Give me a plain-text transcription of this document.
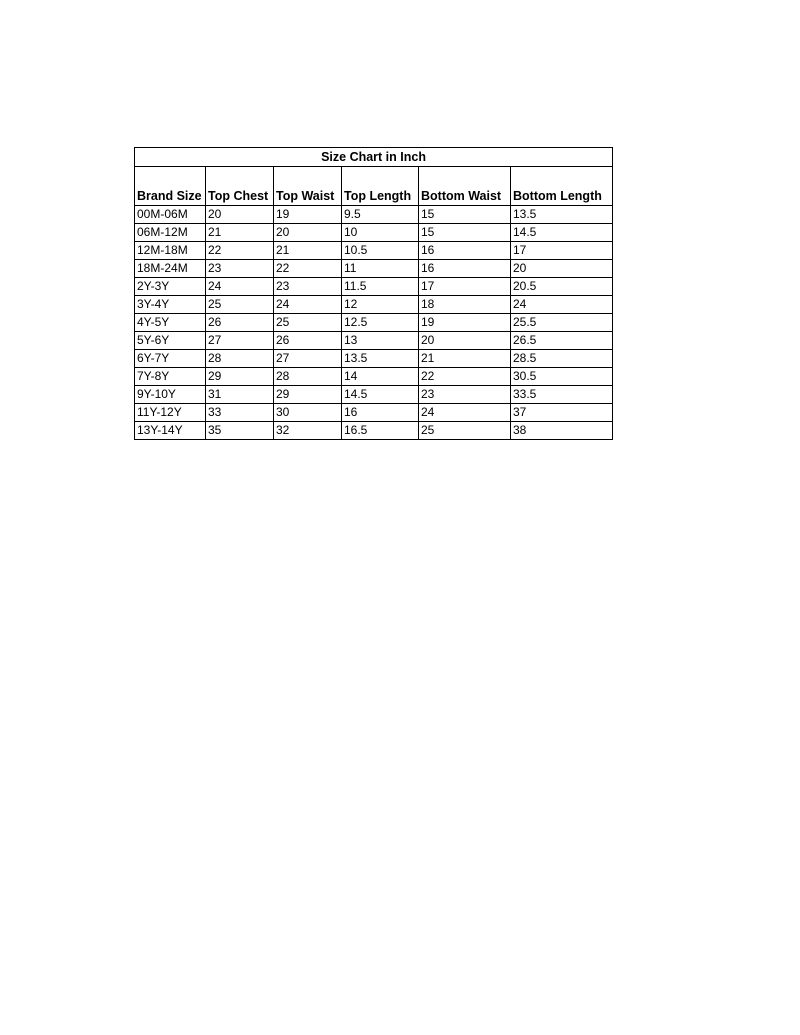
Size Chart in Inch					
Brand Size	Top Chest	Top Waist	Top Length	Bottom Waist	Bottom Length
00M-06M	20	19	9.5	15	13.5
06M-12M	21	20	10	15	14.5
12M-18M	22	21	10.5	16	17
18M-24M	23	22	11	16	20
2Y-3Y	24	23	11.5	17	20.5
3Y-4Y	25	24	12	18	24
4Y-5Y	26	25	12.5	19	25.5
5Y-6Y	27	26	13	20	26.5
6Y-7Y	28	27	13.5	21	28.5
7Y-8Y	29	28	14	22	30.5
9Y-10Y	31	29	14.5	23	33.5
11Y-12Y	33	30	16	24	37
13Y-14Y	35	32	16.5	25	38
